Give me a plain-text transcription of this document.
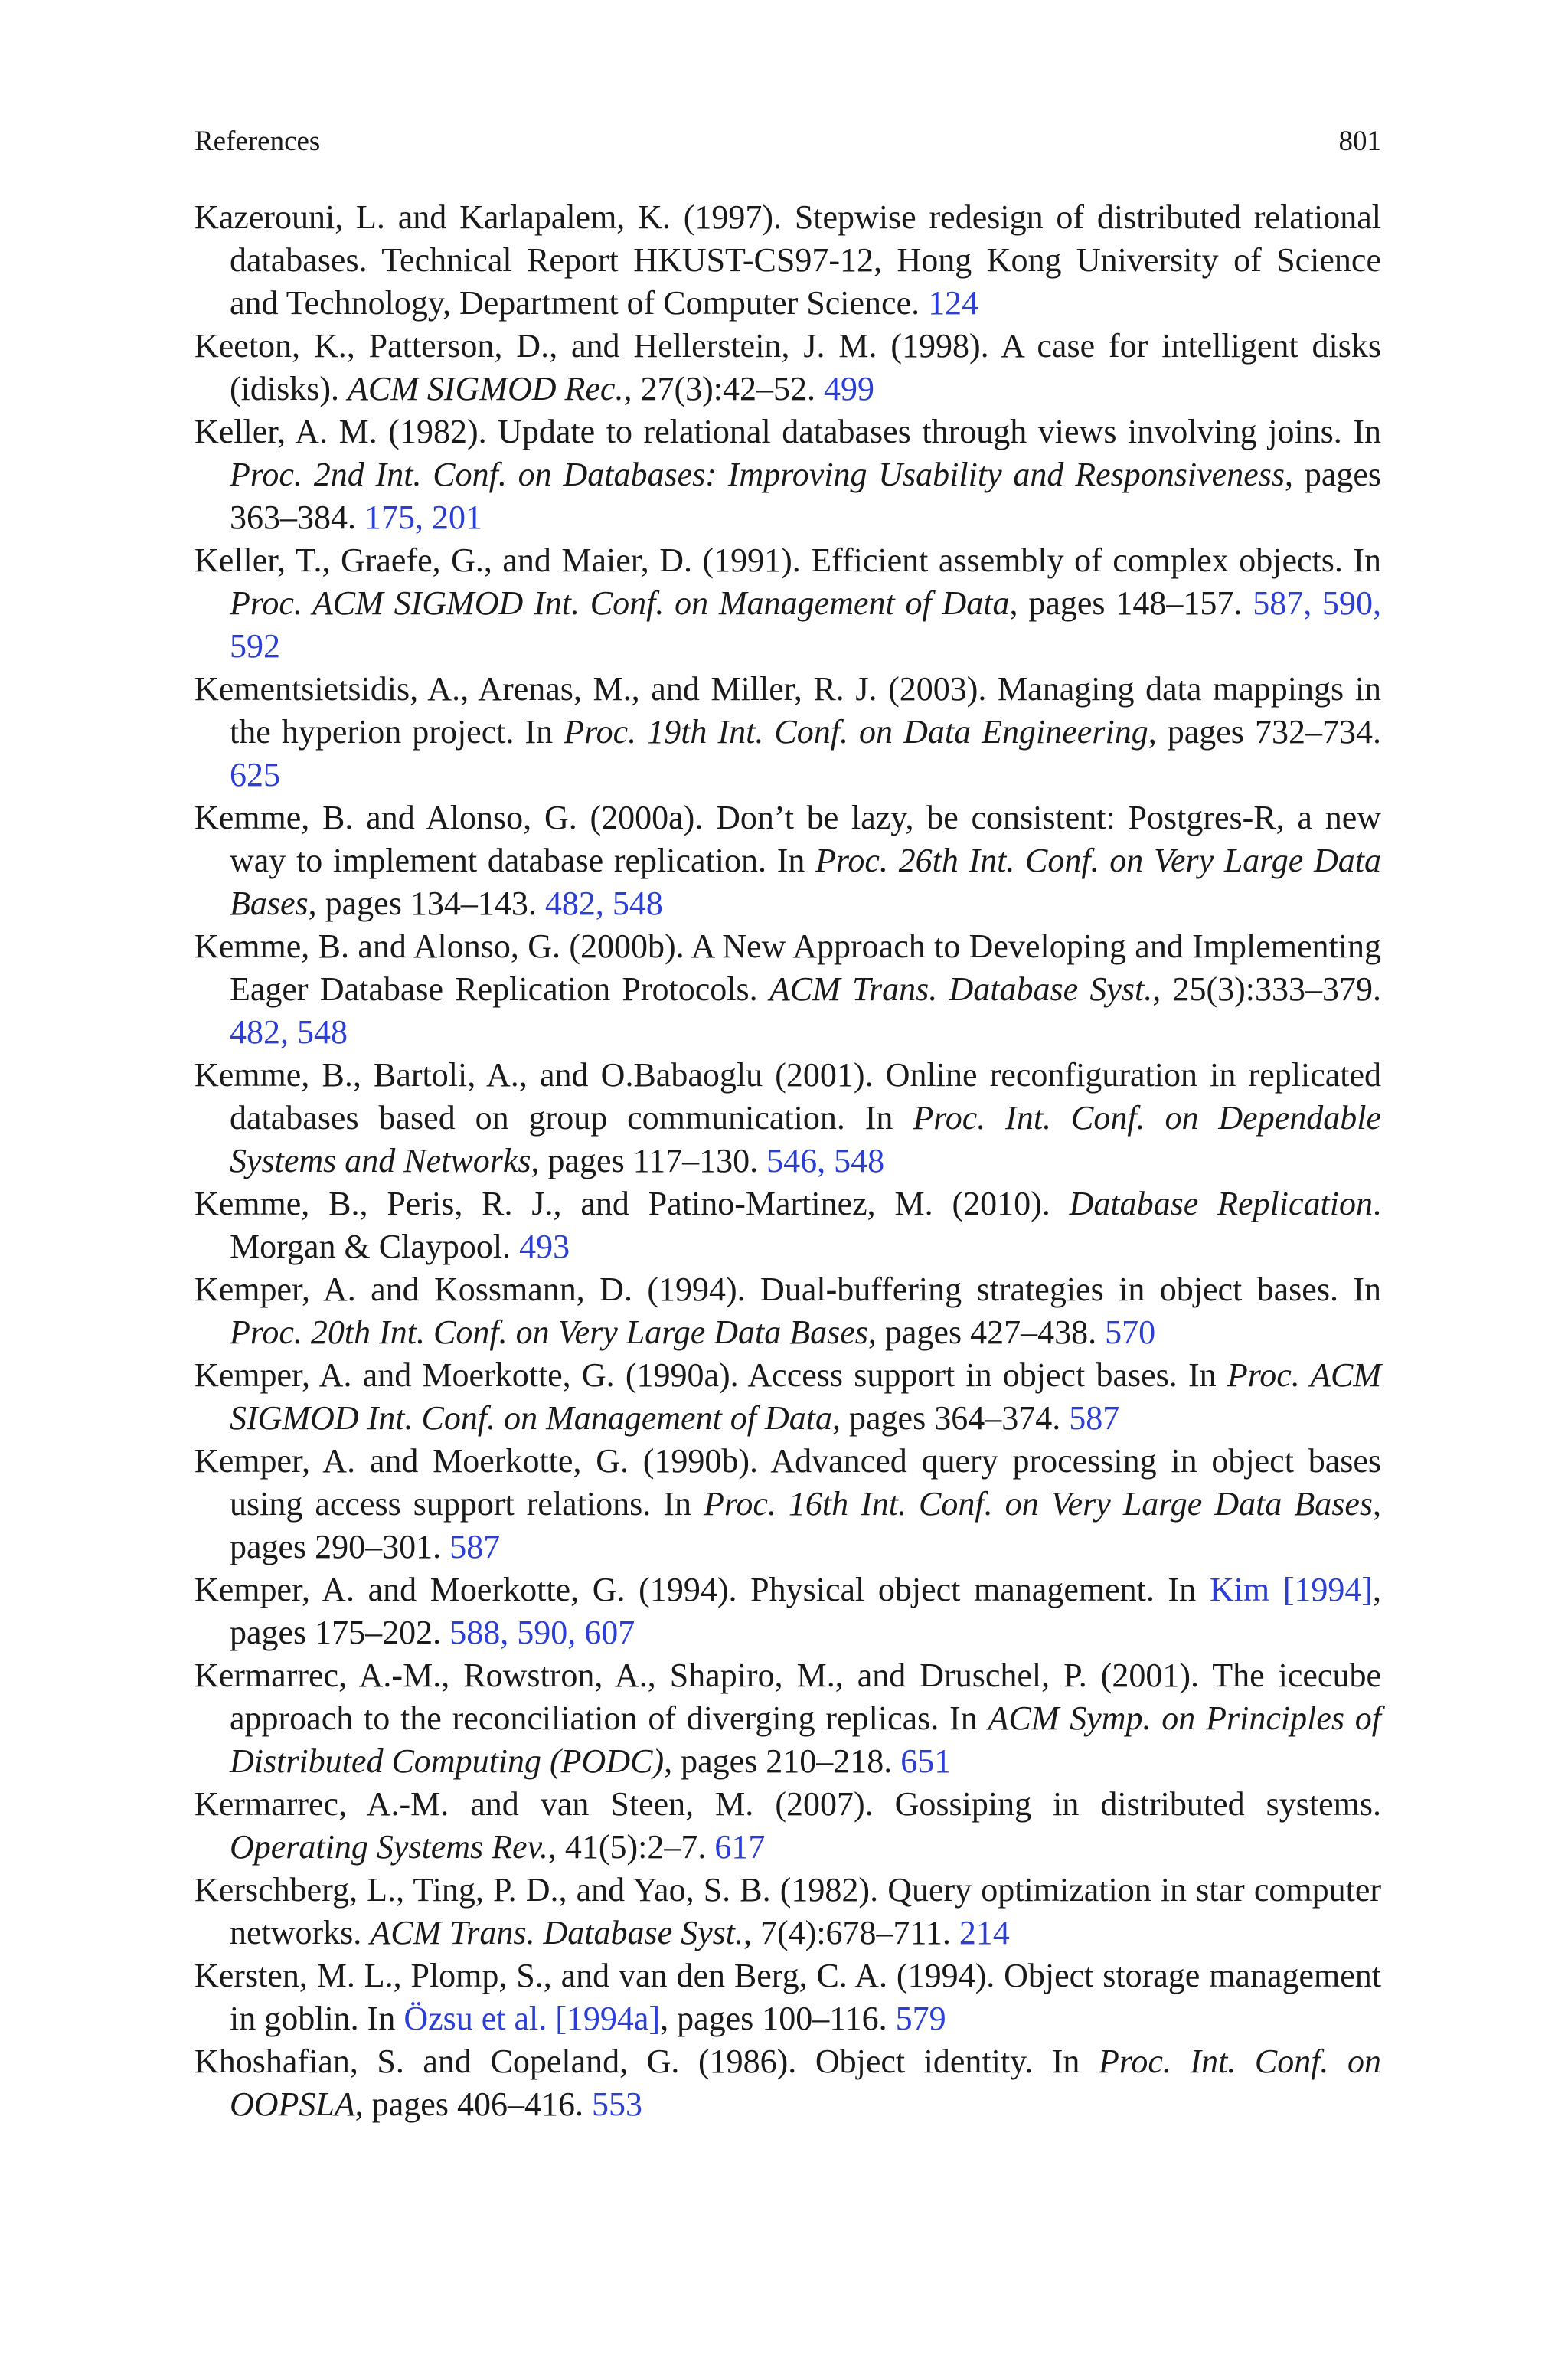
References	801
Kazerouni, L. and Karlapalem, K. (1997). Stepwise redesign of distributed relational databases. Technical Report HKUST-CS97-12, Hong Kong University of Science and Technology, Department of Computer Science. 124
Keeton, K., Patterson, D., and Hellerstein, J. M. (1998). A case for intelligent disks (idisks). ACM SIGMOD Rec., 27(3):42–52. 499
Keller, A. M. (1982). Update to relational databases through views involving joins. In Proc. 2nd Int. Conf. on Databases: Improving Usability and Responsiveness, pages 363–384. 175, 201
Keller, T., Graefe, G., and Maier, D. (1991). Efficient assembly of complex objects. In Proc. ACM SIGMOD Int. Conf. on Management of Data, pages 148–157. 587, 590, 592
Kementsietsidis, A., Arenas, M., and Miller, R. J. (2003). Managing data mappings in the hyperion project. In Proc. 19th Int. Conf. on Data Engineering, pages 732–734. 625
Kemme, B. and Alonso, G. (2000a). Don’t be lazy, be consistent: Postgres-R, a new way to implement database replication. In Proc. 26th Int. Conf. on Very Large Data Bases, pages 134–143. 482, 548
Kemme, B. and Alonso, G. (2000b). A New Approach to Developing and Implementing Eager Database Replication Protocols. ACM Trans. Database Syst., 25(3):333–379. 482, 548
Kemme, B., Bartoli, A., and O.Babaoglu (2001). Online reconfiguration in replicated databases based on group communication. In Proc. Int. Conf. on Dependable Systems and Networks, pages 117–130. 546, 548
Kemme, B., Peris, R. J., and Patino-Martinez, M. (2010). Database Replication. Morgan & Claypool. 493
Kemper, A. and Kossmann, D. (1994). Dual-buffering strategies in object bases. In Proc. 20th Int. Conf. on Very Large Data Bases, pages 427–438. 570
Kemper, A. and Moerkotte, G. (1990a). Access support in object bases. In Proc. ACM SIGMOD Int. Conf. on Management of Data, pages 364–374. 587
Kemper, A. and Moerkotte, G. (1990b). Advanced query processing in object bases using access support relations. In Proc. 16th Int. Conf. on Very Large Data Bases, pages 290–301. 587
Kemper, A. and Moerkotte, G. (1994). Physical object management. In Kim [1994], pages 175–202. 588, 590, 607
Kermarrec, A.-M., Rowstron, A., Shapiro, M., and Druschel, P. (2001). The icecube approach to the reconciliation of diverging replicas. In ACM Symp. on Principles of Distributed Computing (PODC), pages 210–218. 651
Kermarrec, A.-M. and van Steen, M. (2007). Gossiping in distributed systems. Operating Systems Rev., 41(5):2–7. 617
Kerschberg, L., Ting, P. D., and Yao, S. B. (1982). Query optimization in star computer networks. ACM Trans. Database Syst., 7(4):678–711. 214
Kersten, M. L., Plomp, S., and van den Berg, C. A. (1994). Object storage management in goblin. In Özsu et al. [1994a], pages 100–116. 579
Khoshafian, S. and Copeland, G. (1986). Object identity. In Proc. Int. Conf. on OOPSLA, pages 406–416. 553
